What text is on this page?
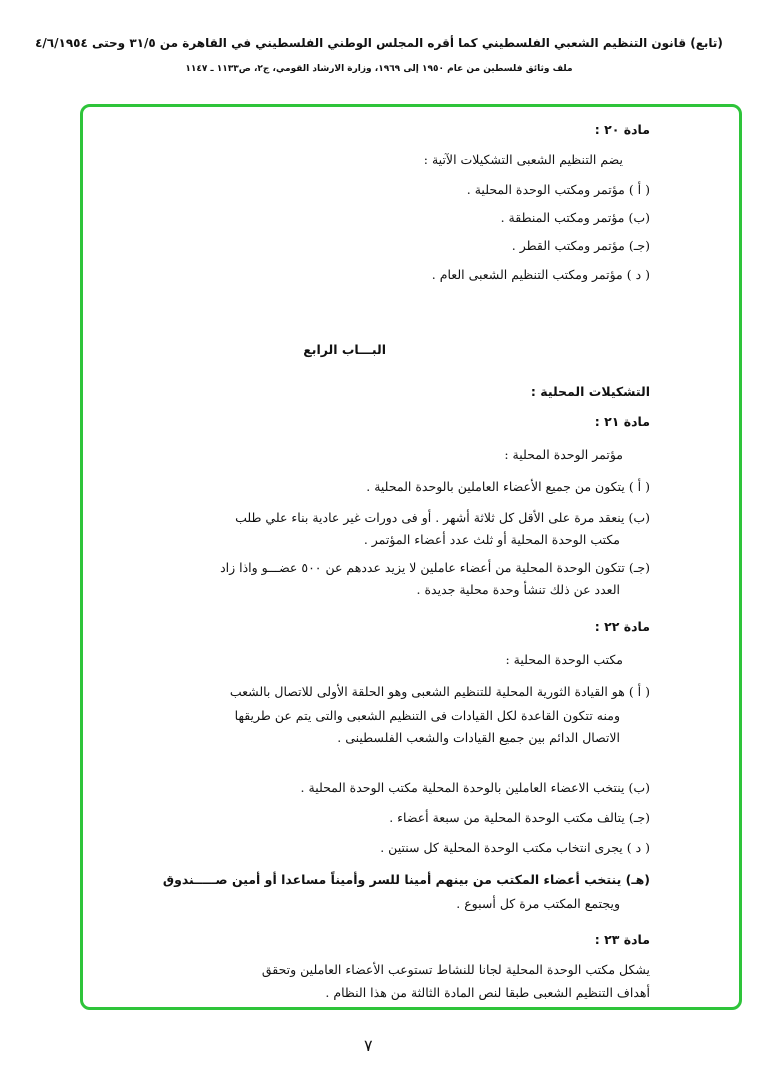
(تابع) قانون التنظيم الشعبي الفلسطيني كما أقره المجلس الوطني الفلسطيني في القاهرة من ٣١/٥ وحتى ٤/٦/١٩٥٤
ملف وثائق فلسطين من عام ١٩٥٠ إلى ١٩٦٩، وزارة الارشاد القومي، ج٢، ص١١٣٣ ـ ١١٤٧
مادة ٢٠ :
يضم التنظيم الشعبى التشكيلات الآتية :
( أ ) مؤتمر ومكتب الوحدة المحلية .
(ب) مؤتمر ومكتب المنطقة .
(جـ) مؤتمر ومكتب القطر .
( د ) مؤتمر ومكتب التنظيم الشعبى العام .
البـــاب الرابع
التشكيلات المحلية :
مادة ٢١ :
مؤتمر الوحدة المحلية :
( أ ) يتكون من جميع الأعضاء العاملين بالوحدة المحلية .
(ب) ينعقد مرة على الأقل كل ثلاثة أشهر . أو فى دورات غير عادية بناء علي طلب
مكتب الوحدة المحلية أو ثلث عدد أعضاء المؤتمر .
(جـ) تتكون الوحدة المحلية من أعضاء عاملين لا يزيد عددهم عن ٥٠٠ عضـــو واذا زاد
العدد عن ذلك تنشأ وحدة محلية جديدة .
مادة ٢٢ :
مكتب الوحدة المحلية :
( أ ) هو القيادة الثورية المحلية للتنظيم الشعبى وهو الحلقة الأولى للاتصال بالشعب
ومنه تتكون القاعدة لكل القيادات فى التنظيم الشعبى والتى يتم عن طريقها
الاتصال الدائم بين جميع القيادات والشعب الفلسطينى .
(ب) ينتخب الاعضاء العاملين بالوحدة المحلية مكتب الوحدة المحلية .
(جـ) يتالف مكتب الوحدة المحلية من سبعة أعضاء .
( د ) يجرى انتخاب مكتب الوحدة المحلية كل سنتين .
(هـ) ينتخب أعضاء المكتب من بينهم أمينا للسر وأميناً مساعدا أو أمين صـــــندوق
ويجتمع المكتب مرة كل أسبوع .
مادة ٢٣ :
يشكل مكتب الوحدة المحلية لجانا للنشاط تستوعب الأعضاء العاملين وتحقق
أهداف التنظيم الشعبى طبقا لنص المادة الثالثة من هذا النظام .
٧
